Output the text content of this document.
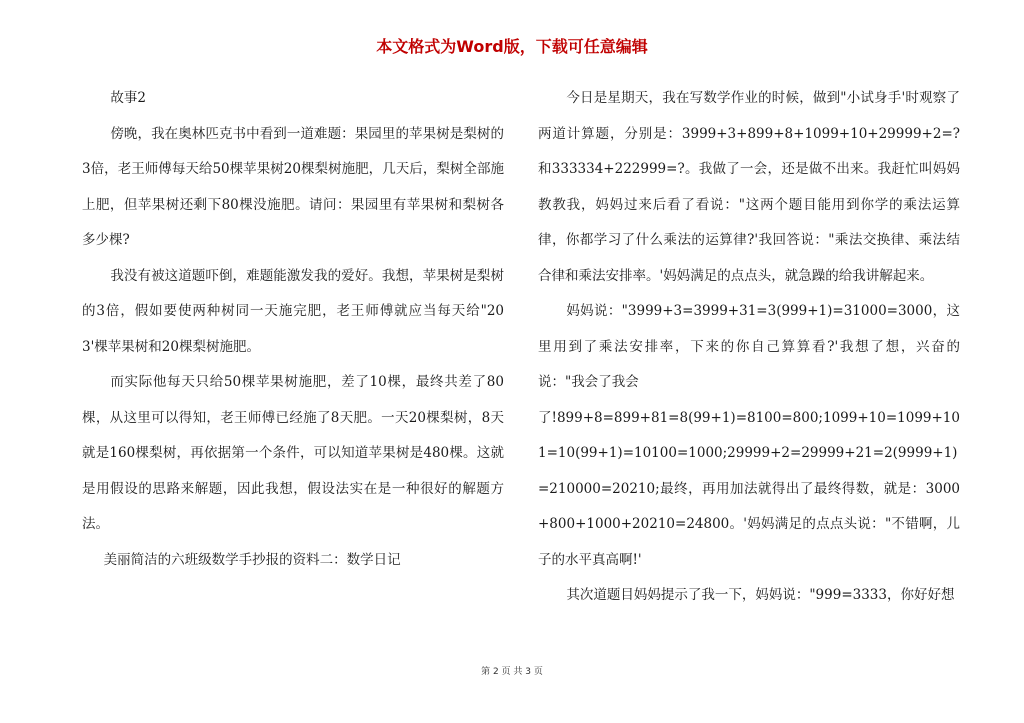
本文格式为Word版，下载可任意编辑

故事2

傍晚，我在奥林匹克书中看到一道难题：果园里的苹果树是梨树的3倍，老王师傅每天给50棵苹果树20棵梨树施肥，几天后，梨树全部施上肥，但苹果树还剩下80棵没施肥。请问：果园里有苹果树和梨树各多少棵?

我没有被这道题吓倒，难题能激发我的爱好。我想，苹果树是梨树的3倍，假如要使两种树同一天施完肥，老王师傅就应当每天给"203'棵苹果树和20棵梨树施肥。

而实际他每天只给50棵苹果树施肥，差了10棵，最终共差了80棵，从这里可以得知，老王师傅已经施了8天肥。一天20棵梨树，8天就是160棵梨树，再依据第一个条件，可以知道苹果树是480棵。这就是用假设的思路来解题，因此我想，假设法实在是一种很好的解题方法。

美丽简洁的六班级数学手抄报的资料二：数学日记

今日是星期天，我在写数学作业的时候，做到"小试身手'时观察了两道计算题，分别是：3999+3+899+8+1099+10+29999+2=?和333334+222999=?。我做了一会，还是做不出来。我赶忙叫妈妈教教我，妈妈过来后看了看说："这两个题目能用到你学的乘法运算律，你都学习了什么乘法的运算律?'我回答说："乘法交换律、乘法结合律和乘法安排率。'妈妈满足的点点头，就急躁的给我讲解起来。

妈妈说："3999+3=3999+31=3(999+1)=31000=3000，这里用到了乘法安排率，下来的你自己算算看?'我想了想，兴奋的说："我会了我会

了!899+8=899+81=8(99+1)=8100=800;1099+10=1099+101=10(99+1)=10100=1000;29999+2=29999+21=2(9999+1)=210000=20210;最终，再用加法就得出了最终得数，就是：3000+800+1000+20210=24800。'妈妈满足的点点头说："不错啊，儿子的水平真高啊!'

其次道题目妈妈提示了我一下，妈妈说："999=3333，你好好想

第 2 页 共 3 页
